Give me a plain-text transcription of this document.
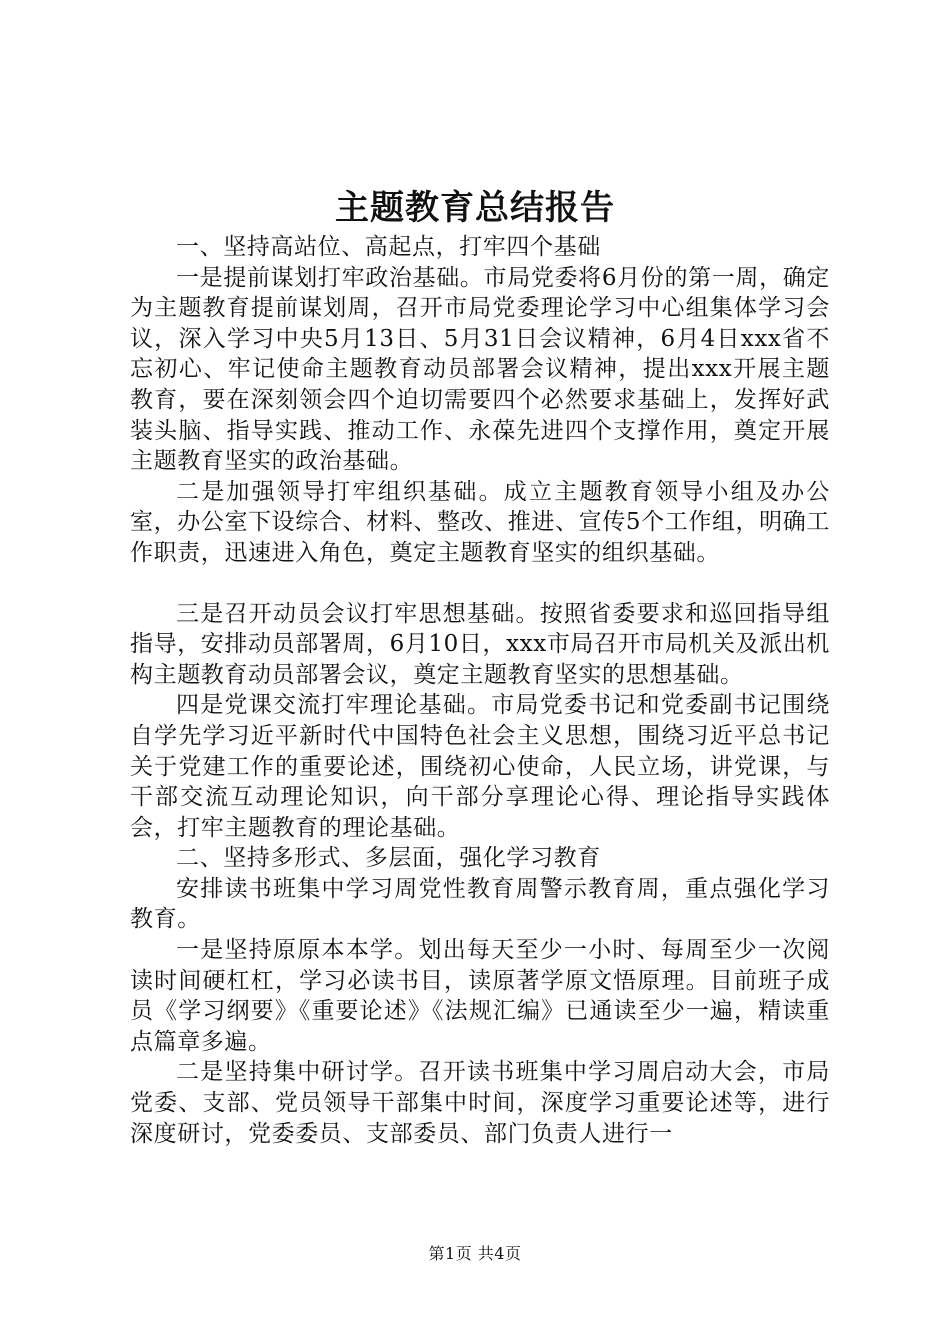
主题教育总结报告

一、坚持高站位、高起点，打牢四个基础

一是提前谋划打牢政治基础。市局党委将6月份的第一周，确定为主题教育提前谋划周，召开市局党委理论学习中心组集体学习会议，深入学习中央5月13日、5月31日会议精神，6月4日xxx省不忘初心、牢记使命主题教育动员部署会议精神，提出xxx开展主题教育，要在深刻领会四个迫切需要四个必然要求基础上，发挥好武装头脑、指导实践、推动工作、永葆先进四个支撑作用，奠定开展主题教育坚实的政治基础。

二是加强领导打牢组织基础。成立主题教育领导小组及办公室，办公室下设综合、材料、整改、推进、宣传5个工作组，明确工作职责，迅速进入角色，奠定主题教育坚实的组织基础。

三是召开动员会议打牢思想基础。按照省委要求和巡回指导组指导，安排动员部署周，6月10日，xxx市局召开市局机关及派出机构主题教育动员部署会议，奠定主题教育坚实的思想基础。

四是党课交流打牢理论基础。市局党委书记和党委副书记围绕自学先学习近平新时代中国特色社会主义思想，围绕习近平总书记关于党建工作的重要论述，围绕初心使命，人民立场，讲党课，与干部交流互动理论知识，向干部分享理论心得、理论指导实践体会，打牢主题教育的理论基础。

二、坚持多形式、多层面，强化学习教育

安排读书班集中学习周党性教育周警示教育周，重点强化学习教育。

一是坚持原原本本学。划出每天至少一小时、每周至少一次阅读时间硬杠杠，学习必读书目，读原著学原文悟原理。目前班子成员《学习纲要》《重要论述》《法规汇编》已通读至少一遍，精读重点篇章多遍。

二是坚持集中研讨学。召开读书班集中学习周启动大会，市局党委、支部、党员领导干部集中时间，深度学习重要论述等，进行深度研讨，党委委员、支部委员、部门负责人进行一

第1页 共4页
